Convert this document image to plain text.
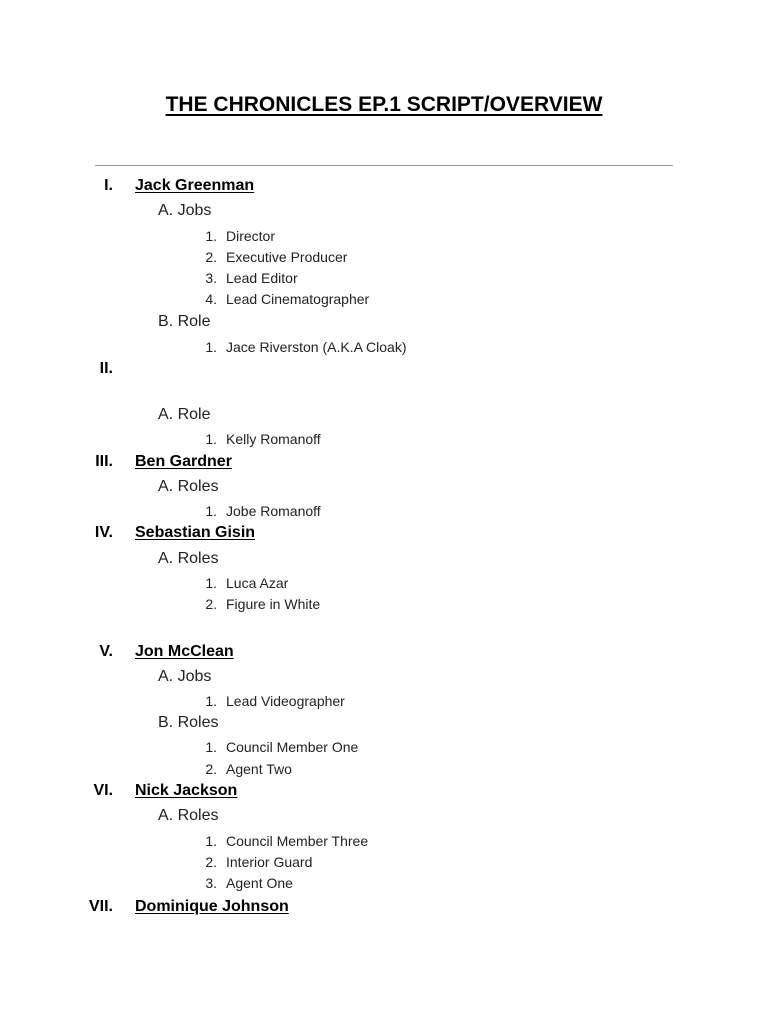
THE CHRONICLES EP.1 SCRIPT/OVERVIEW
I. Jack Greenman
A. Jobs
1. Director
2. Executive Producer
3. Lead Editor
4. Lead Cinematographer
B. Role
1. Jace Riverston (A.K.A Cloak)
II.
A. Role
1. Kelly Romanoff
III. Ben Gardner
A. Roles
1. Jobe Romanoff
IV. Sebastian Gisin
A. Roles
1. Luca Azar
2. Figure in White
V. Jon McClean
A. Jobs
1. Lead Videographer
B. Roles
1. Council Member One
2. Agent Two
VI. Nick Jackson
A. Roles
1. Council Member Three
2. Interior Guard
3. Agent One
VII. Dominique Johnson
